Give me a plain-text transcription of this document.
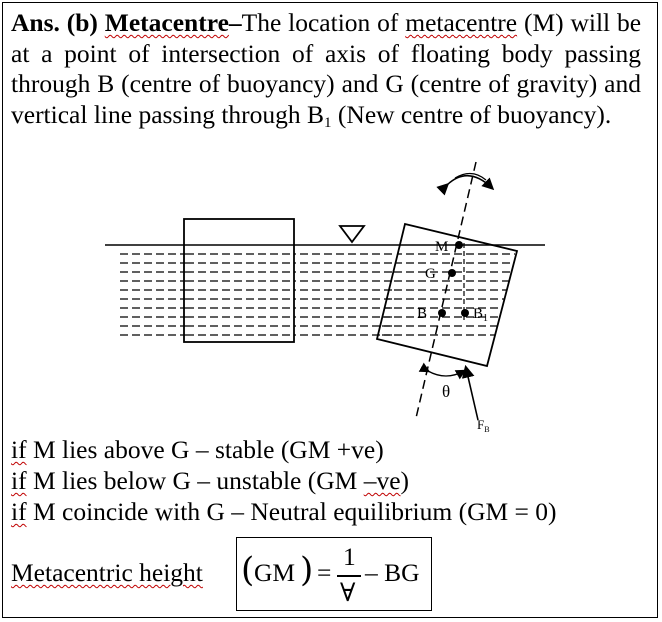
Ans. (b) Metacentre–The location of metacentre (M) will be at a point of intersection of axis of floating body passing through B (centre of buoyancy) and G (centre of gravity) and vertical line passing through $B_1$ (New centre of buoyancy).
M
G
B	$B_1$
θ
$F_B$
if M lies above G – stable (GM +ve)
if M lies below G – unstable (GM –ve)
if M coincide with G – Neutral equilibrium (GM = 0)
Metacentric height ( GM ) =
1
∀
– BG
